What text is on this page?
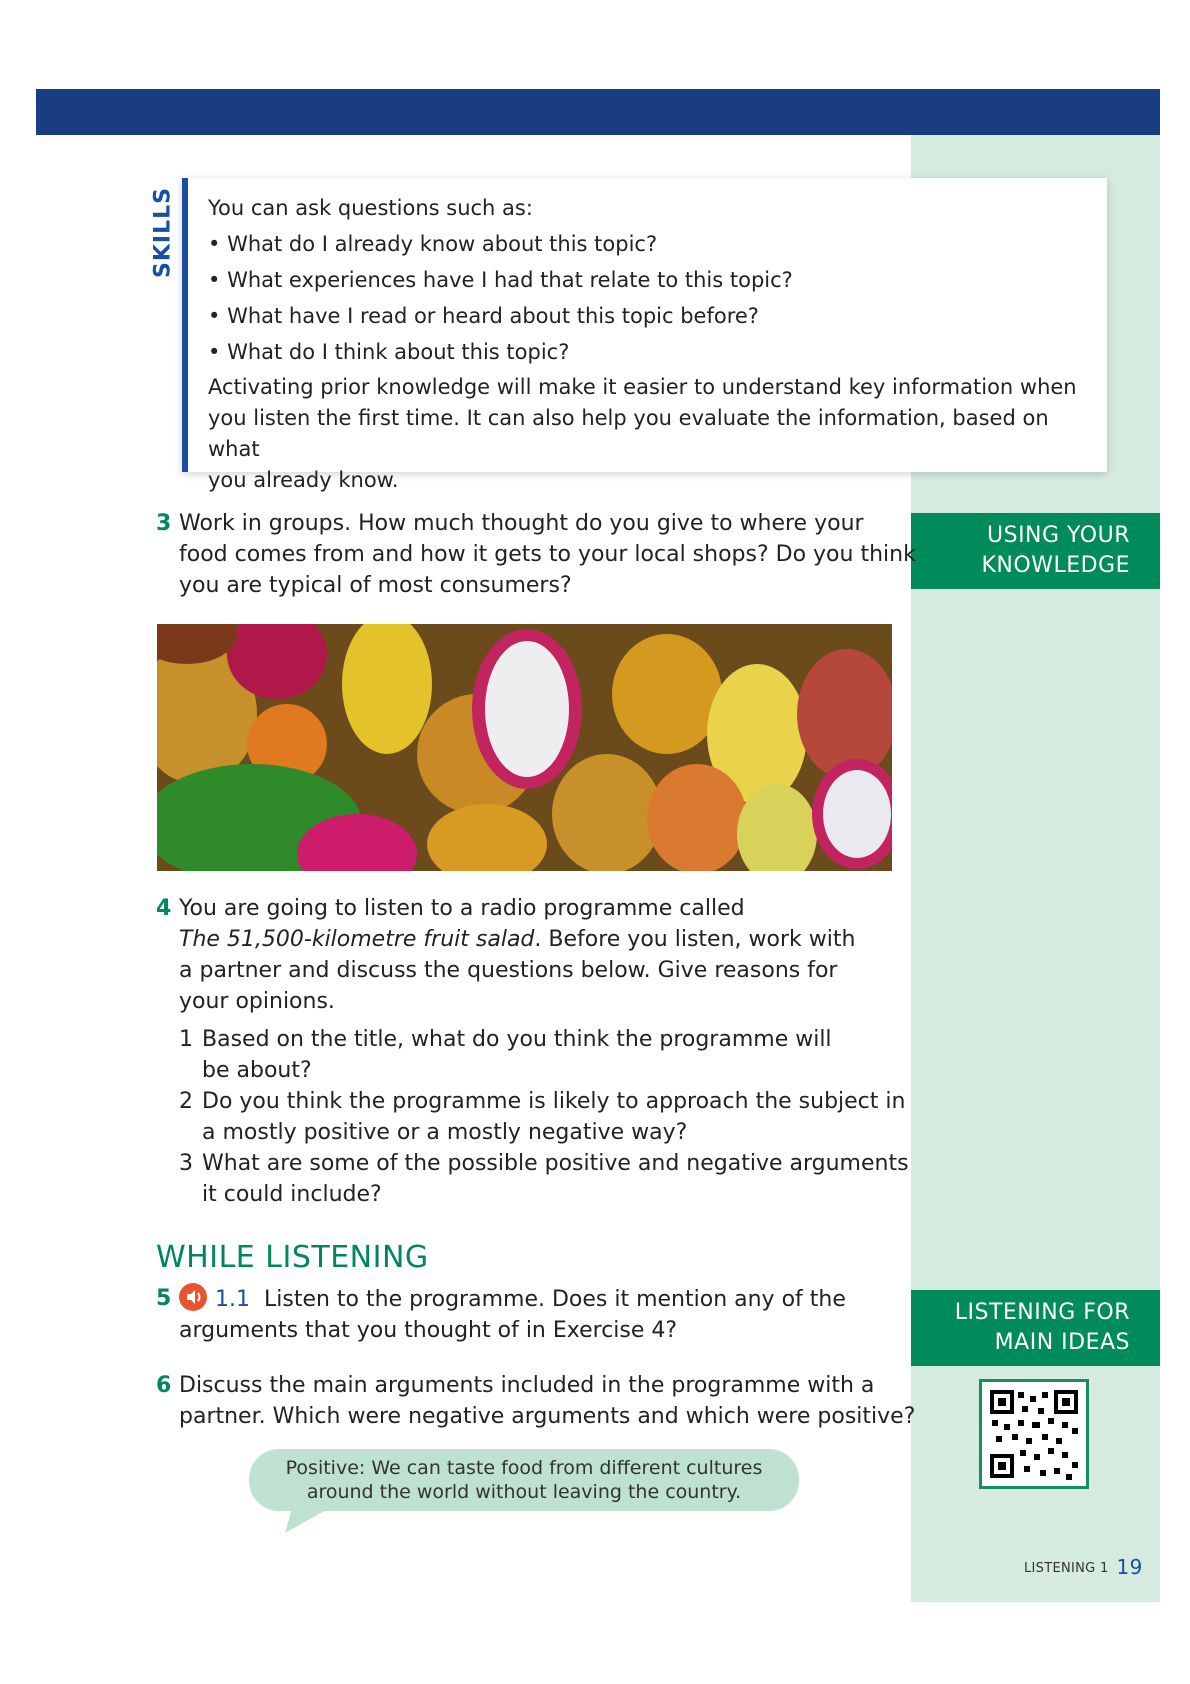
SKILLS You can ask questions such as:
• What do I already know about this topic?
• What experiences have I had that relate to this topic?
• What have I read or heard about this topic before?
• What do I think about this topic?
Activating prior knowledge will make it easier to understand key information when
you listen the first time. It can also help you evaluate the information, based on what
you already know.
USING YOUR
KNOWLEDGE
LISTENING FOR
MAIN IDEAS
3 Work in groups. How much thought do you give to where your
food comes from and how it gets to your local shops? Do you think
you are typical of most consumers?
4 You are going to listen to a radio programme called
The 51,500-kilometre fruit salad. Before you listen, work with
a partner and discuss the questions below. Give reasons for
your opinions.
1 Based on the title, what do you think the programme will
be about?
2 Do you think the programme is likely to approach the subject in
a mostly positive or a mostly negative way?
3 What are some of the possible positive and negative arguments
it could include?
WHILE LISTENING
5	1.1 Listen to the programme. Does it mention any of the
arguments that you thought of in Exercise 4?
6 Discuss the main arguments included in the programme with a
partner. Which were negative arguments and which were positive?
Positive: We can taste food from different cultures
around the world without leaving the country.
LISTENING 1 19
